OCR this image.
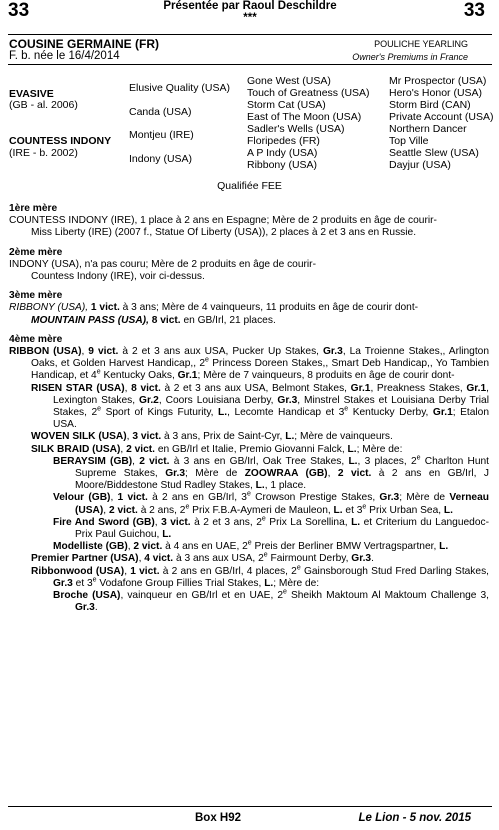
33	33
Présentée par Raoul Deschildre
***
COUSINE GERMAINE (FR)
F. b. née le 16/4/2014
POULICHE YEARLING
Owner's Premiums in France
EVASIVE
(GB - al. 2006)
COUNTESS INDONY
(IRE - b. 2002)
Elusive Quality (USA)
Canda (USA)
Montjeu (IRE)
Indony (USA)
Gone West (USA)
Touch of Greatness (USA)
Storm Cat (USA)
East of The Moon (USA)
Sadler's Wells (USA)
Floripedes (FR)
A P Indy (USA)
Ribbony (USA)
Mr Prospector (USA)
Hero's Honor (USA)
Storm Bird (CAN)
Private Account (USA)
Northern Dancer
Top Ville
Seattle Slew (USA)
Dayjur (USA)
Qualifiée FEE
1ère mère

COUNTESS INDONY (IRE), 1 place à 2 ans en Espagne; Mère de 2 produits en âge de courir-

Miss Liberty (IRE) (2007 f., Statue Of Liberty (USA)), 2 places à 2 et 3 ans en Russie.

2ème mère

INDONY (USA), n'a pas couru; Mère de 2 produits en âge de courir-

Countess Indony (IRE), voir ci-dessus.

3ème mère

RIBBONY (USA), 1 vict. à 3 ans; Mère de 4 vainqueurs, 11 produits en âge de courir dont-

MOUNTAIN PASS (USA), 8 vict. en GB/Irl, 21 places.

4ème mère

RIBBON (USA), 9 vict. à 2 et 3 ans aux USA, Pucker Up Stakes, Gr.3, La Troienne Stakes,, Arlington Oaks, et Golden Harvest Handicap,, 2e Princess Doreen Stakes,, Smart Deb Handicap,, Yo Tambien Handicap, et 4e Kentucky Oaks, Gr.1; Mère de 7 vainqueurs, 8 produits en âge de courir dont-

RISEN STAR (USA), 8 vict. à 2 et 3 ans aux USA, Belmont Stakes, Gr.1, Preakness Stakes, Gr.1, Lexington Stakes, Gr.2, Coors Louisiana Derby, Gr.3, Minstrel Stakes et Louisiana Derby Trial Stakes, 2e Sport of Kings Futurity, L., Lecomte Handicap et 3e Kentucky Derby, Gr.1; Etalon USA.

WOVEN SILK (USA), 3 vict. à 3 ans, Prix de Saint-Cyr, L.; Mère de vainqueurs.

SILK BRAID (USA), 2 vict. en GB/Irl et Italie, Premio Giovanni Falck, L.; Mère de:

BERAYSIM (GB), 2 vict. à 3 ans en GB/Irl, Oak Tree Stakes, L., 3 places, 2e Charlton Hunt Supreme Stakes, Gr.3; Mère de ZOOWRAA (GB), 2 vict. à 2 ans en GB/Irl, J Moore/Biddestone Stud Radley Stakes, L., 1 place.

Velour (GB), 1 vict. à 2 ans en GB/Irl, 3e Crowson Prestige Stakes, Gr.3; Mère de Verneau (USA), 2 vict. à 2 ans, 2e Prix F.B.A-Aymeri de Mauleon, L. et 3e Prix Urban Sea, L.

Fire And Sword (GB), 3 vict. à 2 et 3 ans, 2e Prix La Sorellina, L. et Criterium du Languedoc-Prix Paul Guichou, L.

Modelliste (GB), 2 vict. à 4 ans en UAE, 2e Preis der Berliner BMW Vertragspartner, L.

Premier Partner (USA), 4 vict. à 3 ans aux USA, 2e Fairmount Derby, Gr.3.

Ribbonwood (USA), 1 vict. à 2 ans en GB/Irl, 4 places, 2e Gainsborough Stud Fred Darling Stakes, Gr.3 et 3e Vodafone Group Fillies Trial Stakes, L.; Mère de:

Broche (USA), vainqueur en GB/Irl et en UAE, 2e Sheikh Maktoum Al Maktoum Challenge 3, Gr.3.

Box H92	Le Lion - 5 nov. 2015
